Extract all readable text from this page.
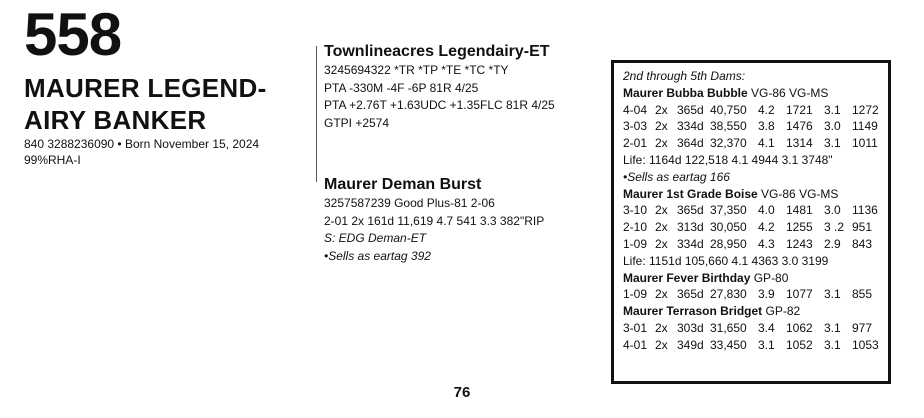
558
MAURER LEGEND-
AIRY BANKER
840 3288236090 • Born November 15, 2024
99%RHA-I
Townlineacres Legendairy-ET
3245694322 *TR *TP *TE *TC *TY
PTA -330M -4F -6P 81R 4/25
PTA +2.76T +1.63UDC +1.35FLC 81R 4/25
GTPI +2574
Maurer Deman Burst
3257587239 Good Plus-81 2-06
2-01 2x 161d 11,619 4.7 541 3.3 382"RIP
S: EDG Deman-ET
•Sells as eartag 392
2nd through 5th Dams:
Maurer Bubba Bubble VG-86 VG-MS
4-04 2x 365d 40,750 4.2 1721 3.1 1272
3-03 2x 334d 38,550 3.8 1476 3.0 1149
2-01 2x 364d 32,370 4.1 1314 3.1 1011
Life: 1164d 122,518 4.1 4944 3.1 3748"
•Sells as eartag 166
Maurer 1st Grade Boise VG-86 VG-MS
3-10 2x 365d 37,350 4.0 1481 3.0 1136
2-10 2x 313d 30,050 4.2 1255 3 .2 951
1-09 2x 334d 28,950 4.3 1243 2.9 843
Life: 1151d 105,660 4.1 4363 3.0 3199
Maurer Fever Birthday GP-80
1-09 2x 365d 27,830 3.9 1077 3.1 855
Maurer Terrason Bridget GP-82
3-01 2x 303d 31,650 3.4 1062 3.1 977
4-01 2x 349d 33,450 3.1 1052 3.1 1053
76
